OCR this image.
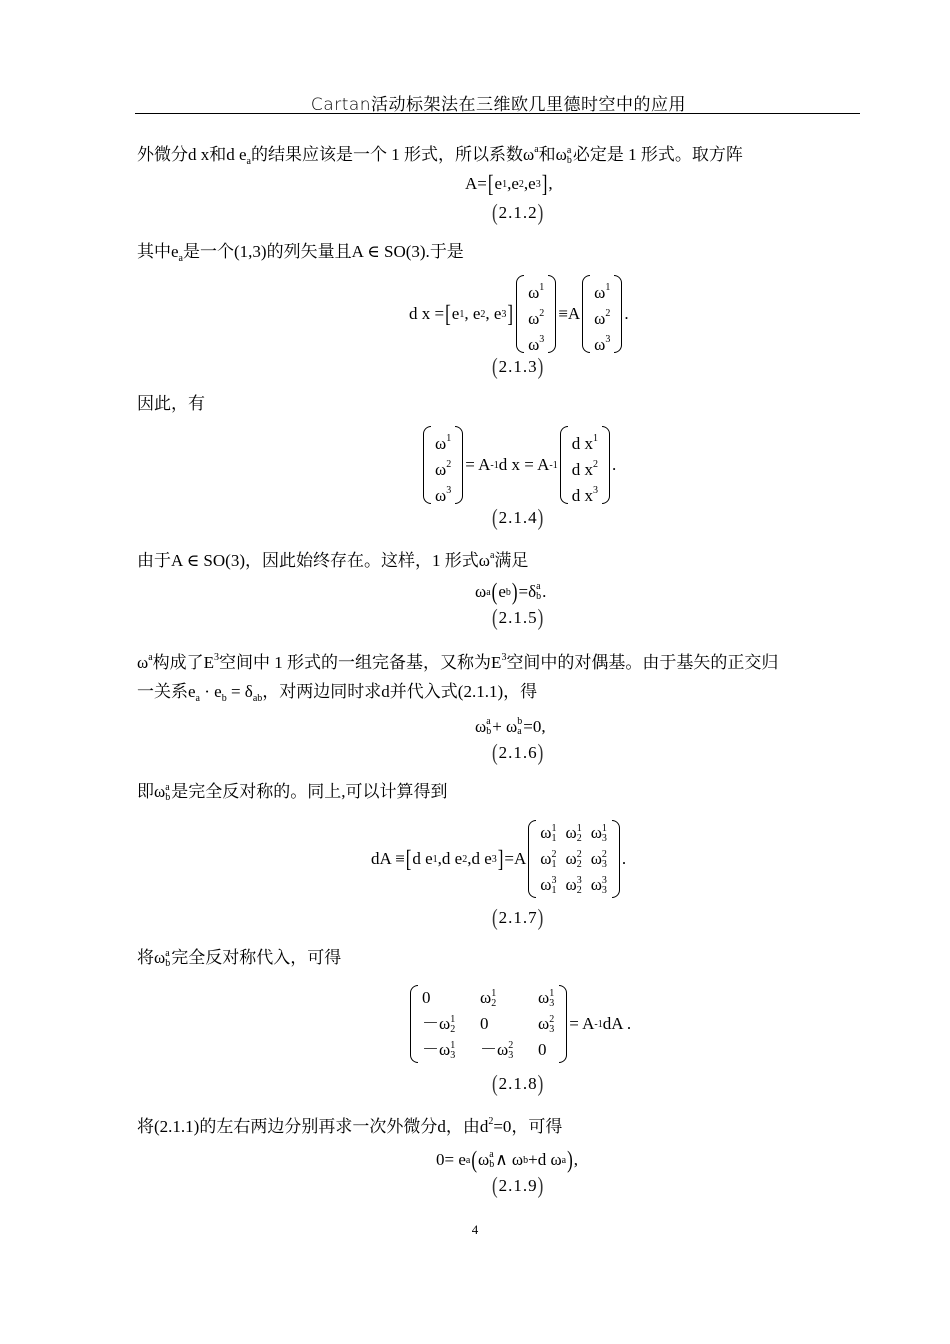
Cartan活动标架法在三维欧几里德时空中的应用
外微分d x和d $e_a$的结果应该是一个 1 形式，所以系数$\omega^a$和ω a
b 必定是 1 形式。取方阵
A= [ e 1 ,e 2 ,e 3 ] ,
(2.1.2)
其中$e_a$是一个(1,3)的列矢量且A ∈ SO(3).于是
d x = [ e 1 , e 2 , e 3 ]
$\omega^1$
$\omega^2$
$\omega^3$
≡A
$\omega^1$
$\omega^2$
$\omega^3$
.
(2.1.3)
因此，有
$\omega^1$
$\omega^2$
$\omega^3$
= A -1 d x = A -1
d $x^1$
d $x^2$
d $x^3$
.
(2.1.4)
由于A ∈ SO(3)，因此始终存在。这样，1 形式$\omega^a$满足
ω a ( e b ) =δ a
b .
(2.1.5)
$\omega^a$构成了$E^3$空间中 1 形式的一组完备基，又称为$E^3$空间中的对偶基。由于基矢的正交归
一关系$e_a \cdot e_b = \delta_{ab}$，对两边同时求d并代入式(2.1.1)，得
ω a
b + ω b
a =0,
(2.1.6)
即ω a
b 是完全反对称的。同上,可以计算得到
dA ≡ [ d e 1 ,d e 2 ,d e 3 ] =A
ω 1
1 ω 1
2 ω 1
3
ω 2
1 ω 2
2 ω 2
3
ω 3
1 ω 3
2 ω 3
3
.
(2.1.7)
将ω a
b 完全反对称代入，可得
0	ω 1
2 ω 1
3
－ω 1
2 0	ω 2
3
－ω 1
3 －ω 2
3 0
= A -1 dA .
(2.1.8)
将(2.1.1)的左右两边分别再求一次外微分d，由$d^2=0$，可得
0= e a ( ω a
b ∧ ω b +d ω a ) ,
(2.1.9)
4
